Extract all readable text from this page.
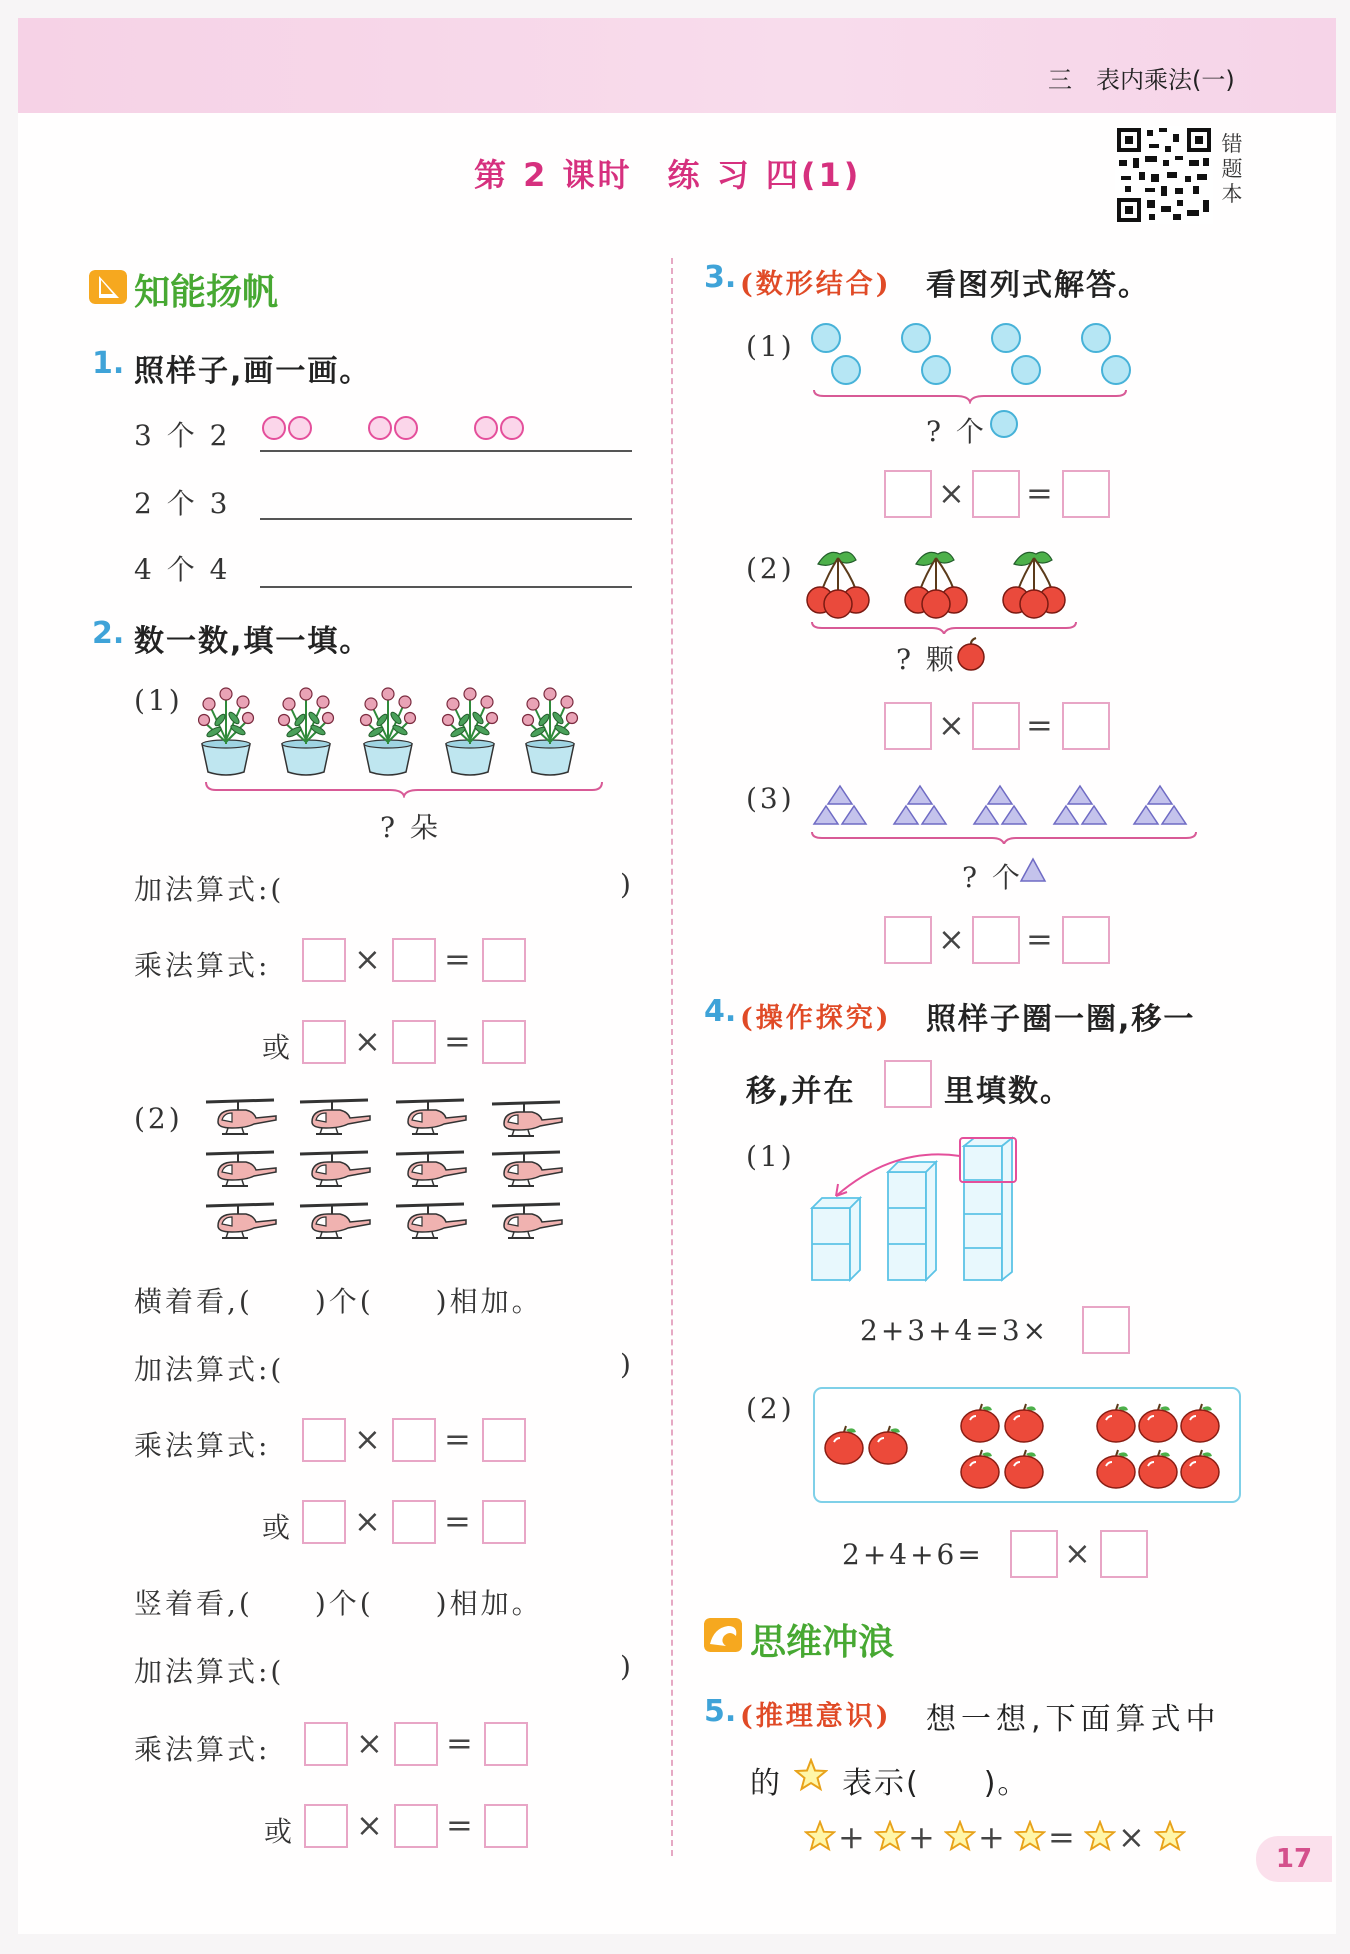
三　表内乘法(一)
第 2 课时　练 习 四(1)
错
题
本
知能扬帆
1. 照样子,画一画。
3 个 2
2 个 3
4 个 4
2. 数一数,填一填。
(1)
? 朵
加法算式:(	)
乘法算式:	× =
或 × =
(2)
横着看,(　　)个(　　)相加。
加法算式:(	)
乘法算式:	× =
或 × =
竖着看,(　　)个(　　)相加。
加法算式:(	)
乘法算式:	× =
或 × =
3. (数形结合) 看图列式解答。
(1)
? 个
× =
(2)
? 颗
× =
(3)
? 个
× =
4. (操作探究) 照样子圈一圈,移一
移,并在	里填数。
(1)
2+3+4=3×
(2)
2+4+6=	×
思维冲浪
5. (推理意识) 想一想,下面算式中
的 表示(　　)。
+ + + = ×
17
